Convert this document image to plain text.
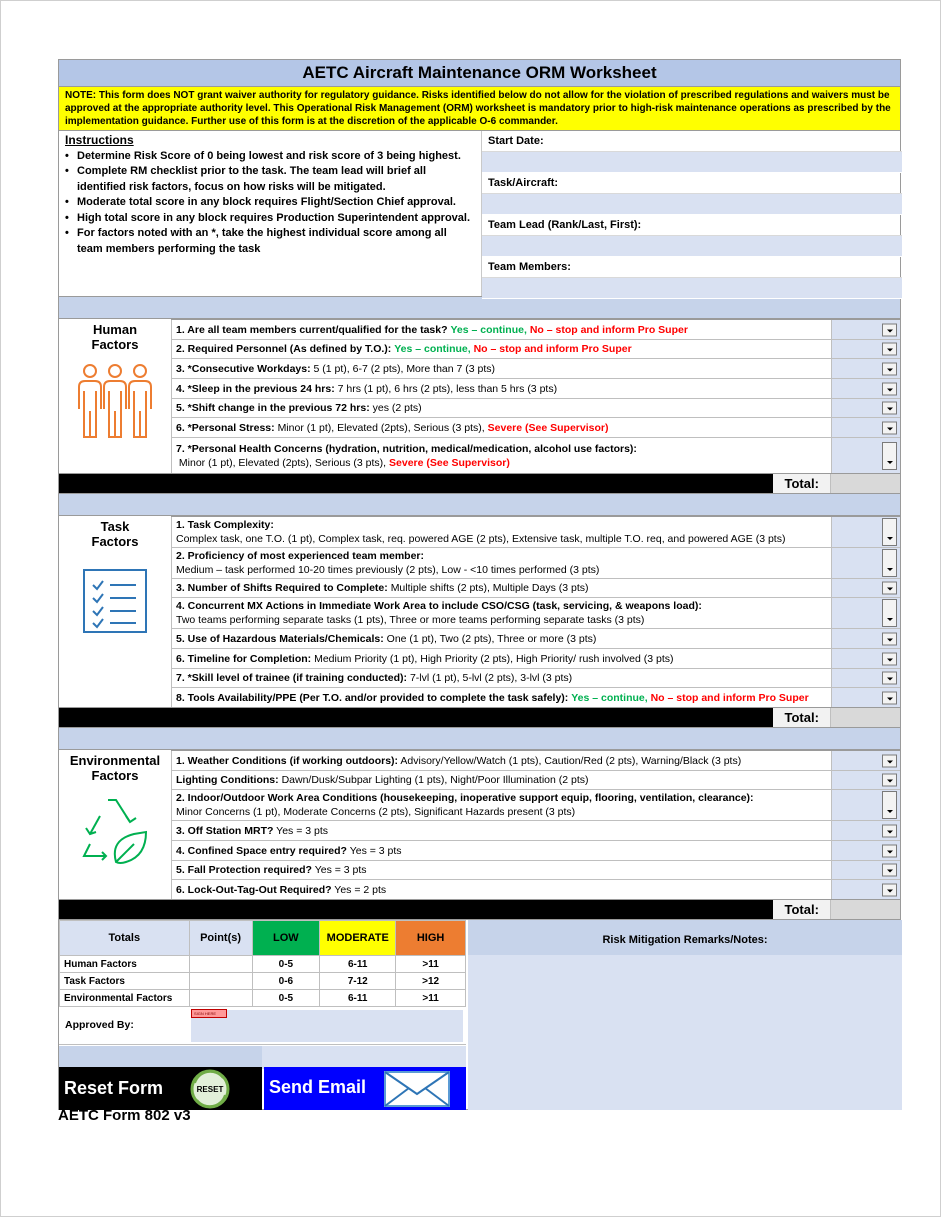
AETC Aircraft Maintenance ORM Worksheet
NOTE: This form does NOT grant waiver authority for regulatory guidance. Risks identified below do not allow for the violation of prescribed regulations and waivers must be approved at the appropriate authority level. This Operational Risk Management (ORM) worksheet is mandatory prior to high-risk maintenance operations as prescribed by the implementation guidance. Further use of this form is at the discretion of the applicable O-6 commander.
Instructions
• Determine Risk Score of 0 being lowest and risk score of 3 being highest.
• Complete RM checklist prior to the task. The team lead will brief all identified risk factors, focus on how risks will be mitigated.
• Moderate total score in any block requires Flight/Section Chief approval.
• High total score in any block requires Production Superintendent approval.
• For factors noted with an *, take the highest individual score among all team members performing the task
Start Date:
Task/Aircraft:
Team Lead (Rank/Last, First):
Team Members:
Human Factors
1. Are all team members current/qualified for the task? Yes – continue, No – stop and inform Pro Super
2. Required Personnel (As defined by T.O.): Yes – continue, No – stop and inform Pro Super
3. *Consecutive Workdays: 5 (1 pt), 6-7 (2 pts), More than 7 (3 pts)
4. *Sleep in the previous 24 hrs: 7 hrs (1 pt), 6 hrs (2 pts), less than 5 hrs (3 pts)
5. *Shift change in the previous 72 hrs: yes (2 pts)
6. *Personal Stress: Minor (1 pt), Elevated (2pts), Serious (3 pts), Severe (See Supervisor)
7. *Personal Health Concerns (hydration, nutrition, medical/medication, alcohol use factors):
Minor (1 pt), Elevated (2pts), Serious (3 pts), Severe (See Supervisor)
Total:
Task Factors
1. Task Complexity:
Complex task, one T.O. (1 pt), Complex task, req. powered AGE (2 pts), Extensive task, multiple T.O. req, and powered AGE (3 pts)
2. Proficiency of most experienced team member:
Medium – task performed 10-20 times previously (2 pts), Low - <10 times performed (3 pts)
3. Number of Shifts Required to Complete: Multiple shifts (2 pts), Multiple Days (3 pts)
4. Concurrent MX Actions in Immediate Work Area to include CSO/CSG (task, servicing, & weapons load):
Two teams performing separate tasks (1 pts), Three or more teams performing separate tasks (3 pts)
5. Use of Hazardous Materials/Chemicals: One (1 pt), Two (2 pts), Three or more (3 pts)
6. Timeline for Completion: Medium Priority (1 pt), High Priority (2 pts), High Priority/ rush involved (3 pts)
7. *Skill level of trainee (if training conducted): 7-lvl (1 pt), 5-lvl (2 pts), 3-lvl (3 pts)
8. Tools Availability/PPE (Per T.O. and/or provided to complete the task safely): Yes – continue, No – stop and inform Pro Super
Total:
Environmental Factors
1. Weather Conditions (if working outdoors): Advisory/Yellow/Watch (1 pts), Caution/Red (2 pts), Warning/Black (3 pts)
Lighting Conditions: Dawn/Dusk/Subpar Lighting (1 pts), Night/Poor Illumination (2 pts)
2. Indoor/Outdoor Work Area Conditions (housekeeping, inoperative support equip, flooring, ventilation, clearance):
Minor Concerns (1 pt), Moderate Concerns (2 pts), Significant Hazards present (3 pts)
3. Off Station MRT? Yes = 3 pts
4. Confined Space entry required? Yes = 3 pts
5. Fall Protection required? Yes = 3 pts
6. Lock-Out-Tag-Out Required? Yes = 2 pts
Total:
Totals	Point(s)	LOW	MODERATE	HIGH
Human Factors		0-5	6-11	>11
Task Factors		0-6	7-12	>12
Environmental Factors		0-5	6-11	>11
Approved By:
SIGN HERE
Reset Form	RESET	Send Email
Risk Mitigation Remarks/Notes:
AETC Form 802 v3
